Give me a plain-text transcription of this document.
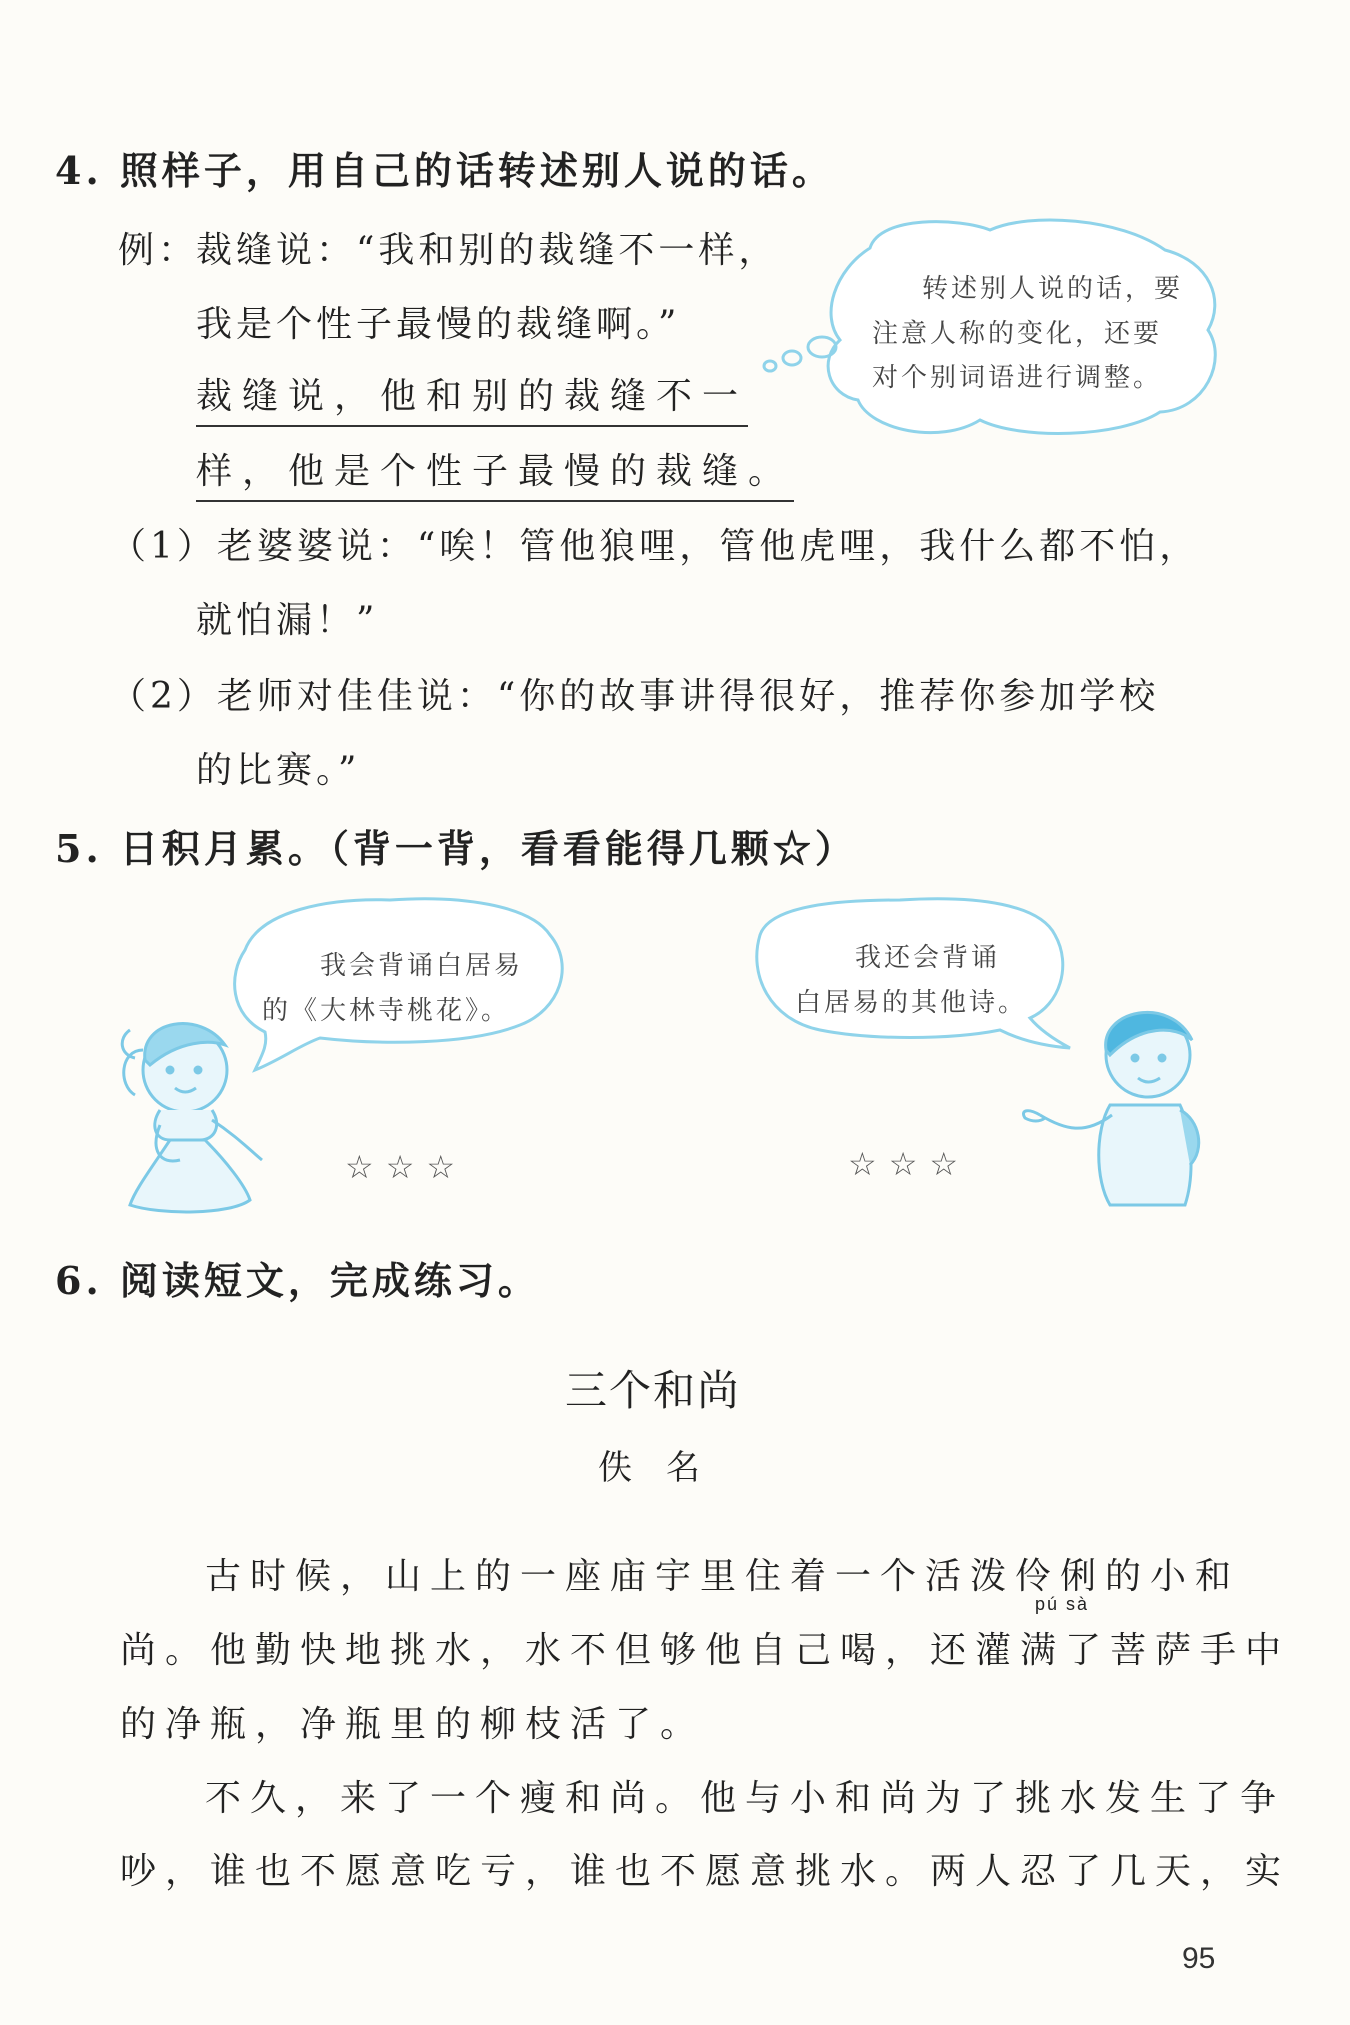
4. 照样子，用自己的话转述别人说的话。
例：
裁缝说：“我和别的裁缝不一样，
我是个性子最慢的裁缝啊。”
裁缝说，他和别的裁缝不一
样，他是个性子最慢的裁缝。
转述别人说的话，要
注意人称的变化，还要
对个别词语进行调整。
（1）老婆婆说：“唉！管他狼哩，管他虎哩，我什么都不怕，
就怕漏！”
（2）老师对佳佳说：“你的故事讲得很好，推荐你参加学校
的比赛。”
5. 日积月累。（背一背，看看能得几颗☆）
我会背诵白居易
的《大林寺桃花》。
我还会背诵
白居易的其他诗。
☆☆☆	☆☆☆
6. 阅读短文，完成练习。
三个和尚
佚　名
古时候，山上的一座庙宇里住着一个活泼伶俐的小和
pú sà
尚。他勤快地挑水，水不但够他自己喝，还灌满了菩萨手中
的净瓶，净瓶里的柳枝活了。
不久，来了一个瘦和尚。他与小和尚为了挑水发生了争
吵，谁也不愿意吃亏，谁也不愿意挑水。两人忍了几天，实
95
